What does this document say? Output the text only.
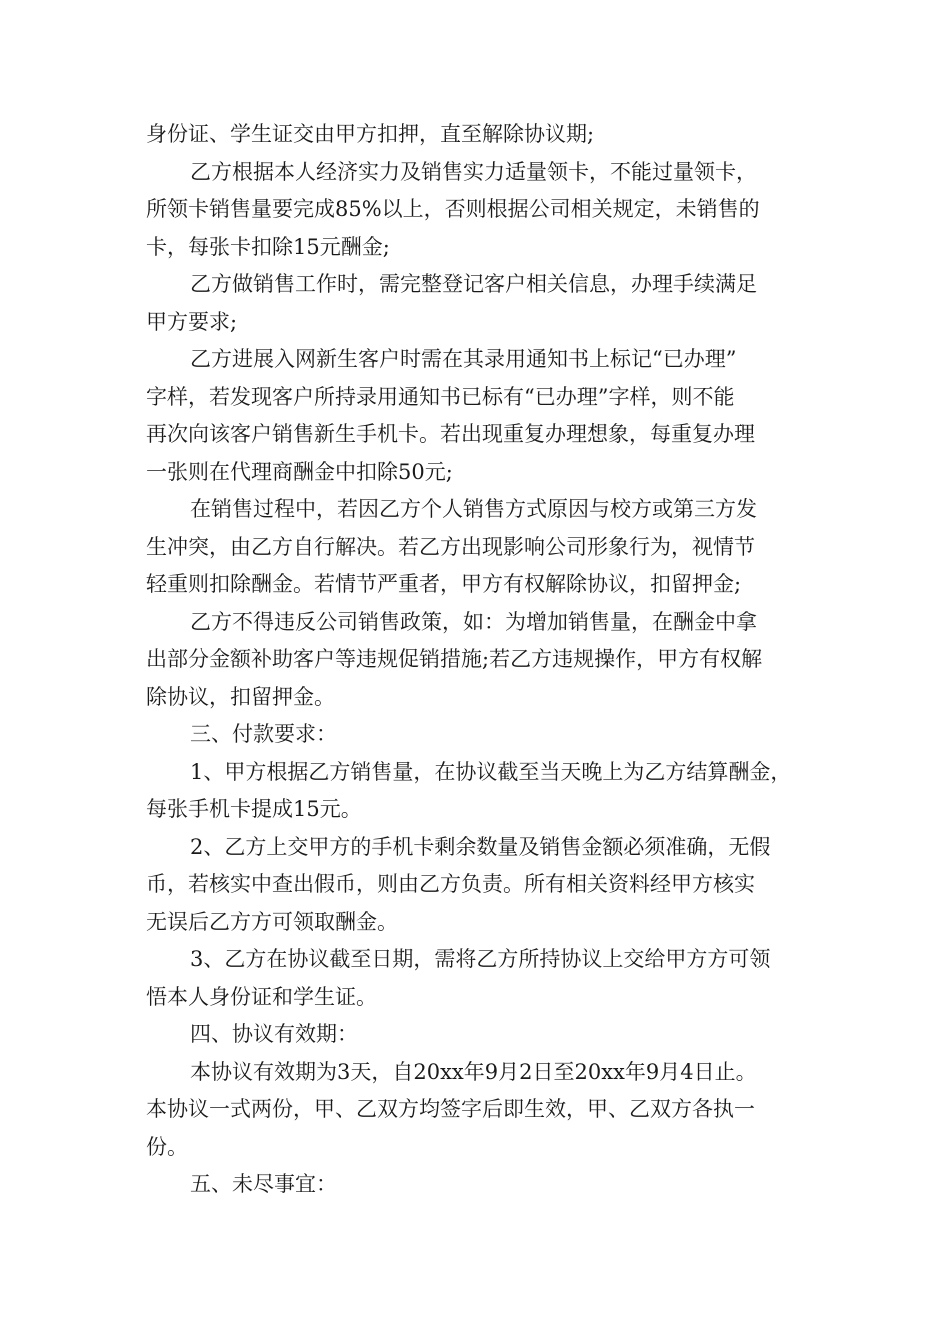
身份证、学生证交由甲方扣押，直至解除协议期;
乙方根据本人经济实力及销售实力适量领卡，不能过量领卡，
所领卡销售量要完成85%以上，否则根据公司相关规定，未销售的
卡，每张卡扣除15元酬金;
乙方做销售工作时，需完整登记客户相关信息，办理手续满足
甲方要求;
乙方进展入网新生客户时需在其录用通知书上标记“已办理”
字样，若发现客户所持录用通知书已标有“已办理”字样，则不能
再次向该客户销售新生手机卡。若出现重复办理想象，每重复办理
一张则在代理商酬金中扣除50元;
在销售过程中，若因乙方个人销售方式原因与校方或第三方发
生冲突，由乙方自行解决。若乙方出现影响公司形象行为，视情节
轻重则扣除酬金。若情节严重者，甲方有权解除协议，扣留押金;
乙方不得违反公司销售政策，如：为增加销售量，在酬金中拿
出部分金额补助客户等违规促销措施;若乙方违规操作，甲方有权解
除协议，扣留押金。
三、付款要求：
1、甲方根据乙方销售量，在协议截至当天晚上为乙方结算酬金，
每张手机卡提成15元。
2、乙方上交甲方的手机卡剩余数量及销售金额必须准确，无假
币，若核实中查出假币，则由乙方负责。所有相关资料经甲方核实
无误后乙方方可领取酬金。
3、乙方在协议截至日期，需将乙方所持协议上交给甲方方可领
悟本人身份证和学生证。
四、协议有效期：
本协议有效期为3天，自20xx年9月2日至20xx年9月4日止。
本协议一式两份，甲、乙双方均签字后即生效，甲、乙双方各执一
份。
五、未尽事宜：
